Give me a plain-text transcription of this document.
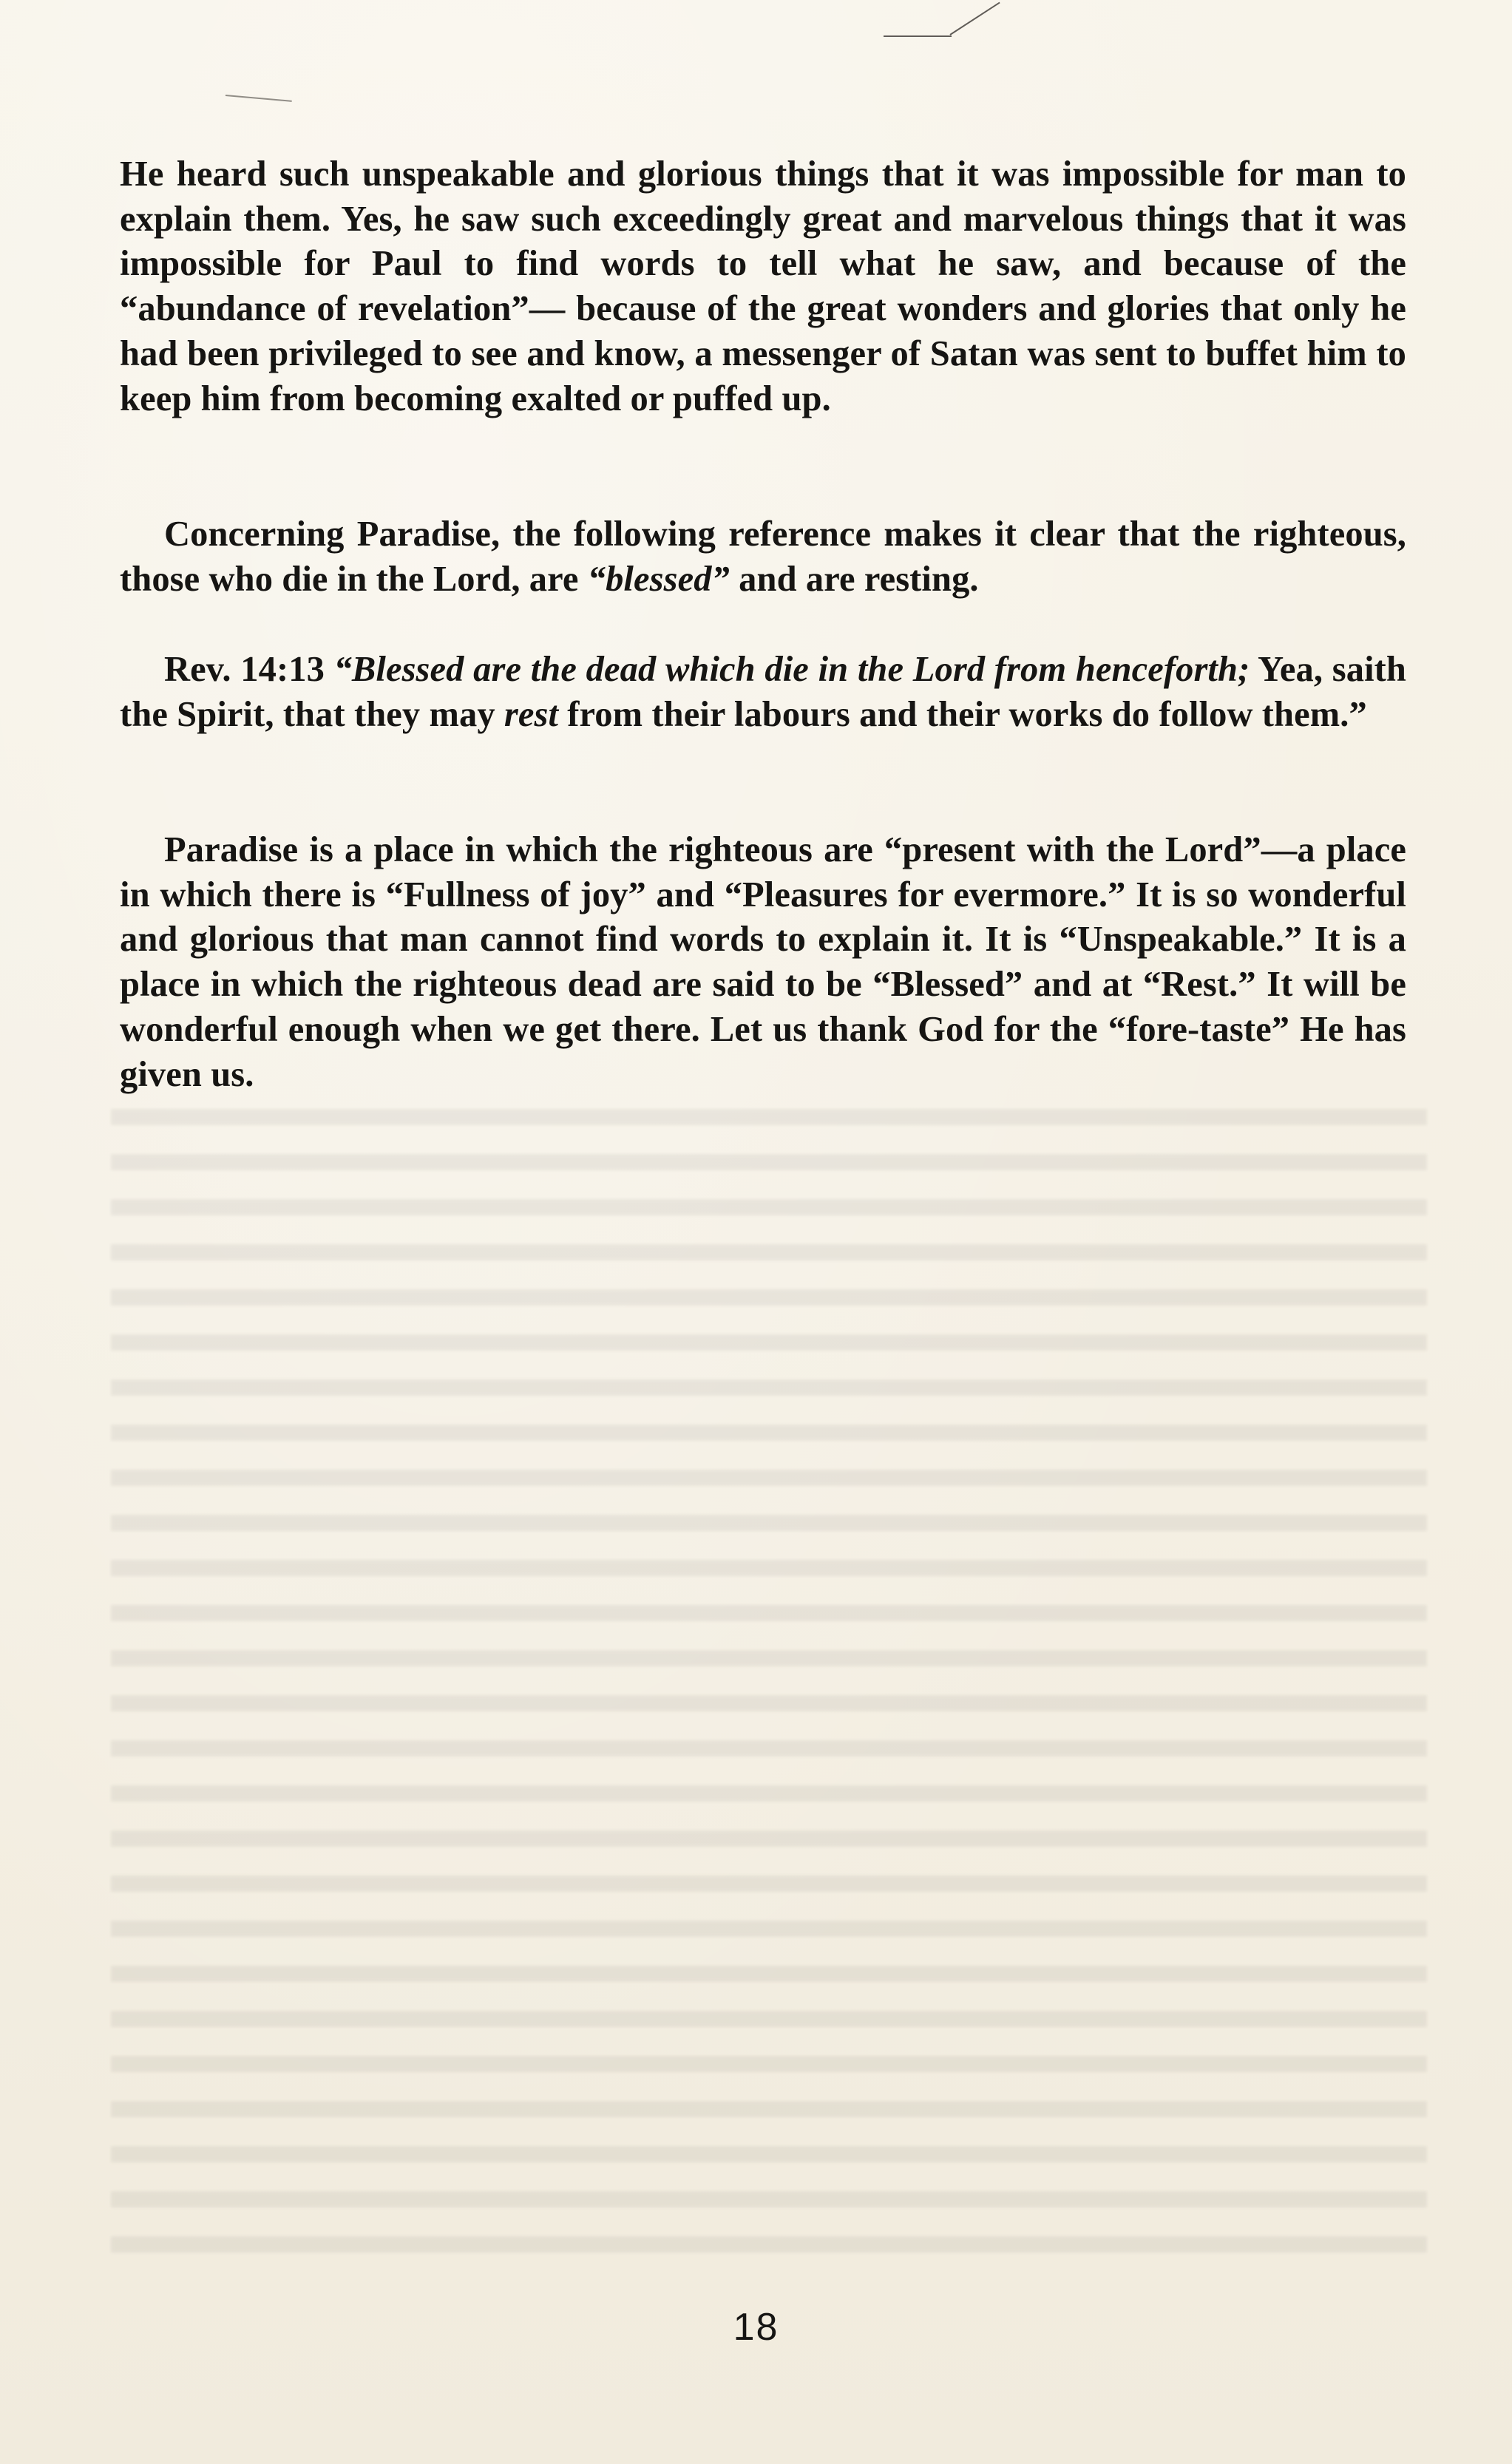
He heard such unspeakable and glorious things that it was impossible for man to explain them. Yes, he saw such exceedingly great and marvelous things that it was impossible for Paul to find words to tell what he saw, and because of the “abundance of revelation”— because of the great wonders and glories that only he had been privileged to see and know, a messenger of Satan was sent to buffet him to keep him from becoming exalted or puffed up.
Concerning Paradise, the following reference makes it clear that the righteous, those who die in the Lord, are “blessed” and are resting.
Rev. 14:13 “Blessed are the dead which die in the Lord from henceforth; Yea, saith the Spirit, that they may rest from their labours and their works do follow them.”
Paradise is a place in which the righteous are “present with the Lord”—a place in which there is “Fullness of joy” and “Pleasures for evermore.” It is so wonderful and glorious that man cannot find words to explain it. It is “Unspeakable.” It is a place in which the righteous dead are said to be “Blessed” and at “Rest.” It will be wonderful enough when we get there. Let us thank God for the “fore-taste” He has given us.
18
